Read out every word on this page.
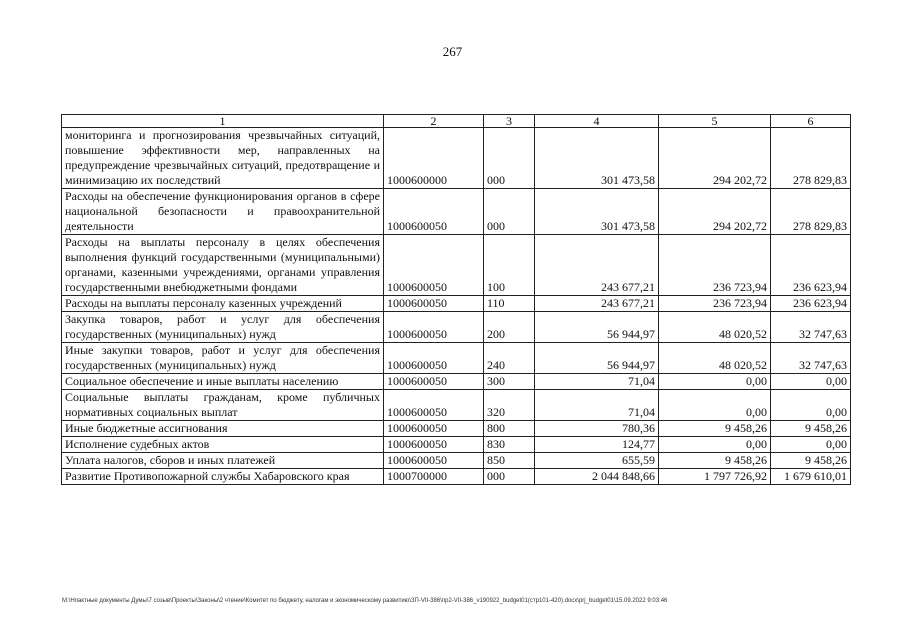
267
1	2	3	4	5	6
мониторинга и прогнозирования чрезвычайных ситуаций, повышение эффективности мер, направленных на предупреждение чрезвычайных ситуаций, предотвращение и минимизацию их последствий	1000600000	000	301 473,58	294 202,72	278 829,83
Расходы на обеспечение функционирования органов в сфере национальной безопасности и правоохранительной деятельности	1000600050	000	301 473,58	294 202,72	278 829,83
Расходы на выплаты персоналу в целях обеспечения выполнения функций государственными (муниципальными) органами, казенными учреждениями, органами управления государственными внебюджетными фондами	1000600050	100	243 677,21	236 723,94	236 623,94
Расходы на выплаты персоналу казенных учреждений	1000600050	110	243 677,21	236 723,94	236 623,94
Закупка товаров, работ и услуг для обеспечения государственных (муниципальных) нужд	1000600050	200	56 944,97	48 020,52	32 747,63
Иные закупки товаров, работ и услуг для обеспечения государственных (муниципальных) нужд	1000600050	240	56 944,97	48 020,52	32 747,63
Социальное обеспечение и иные выплаты населению	1000600050	300	71,04	0,00	0,00
Социальные выплаты гражданам, кроме публичных нормативных социальных выплат	1000600050	320	71,04	0,00	0,00
Иные бюджетные ассигнования	1000600050	800	780,36	9 458,26	9 458,26
Исполнение судебных актов	1000600050	830	124,77	0,00	0,00
Уплата налогов, сборов и иных платежей	1000600050	850	655,59	9 458,26	9 458,26
Развитие Противопожарной службы Хабаровского края	1000700000	000	2 044 848,66	1 797 726,92	1 679 610,01
M:\Нпактные документы Думы\7 созыв\Проекты\Законы\2 чтение\Комитет по бюджету, налогам и экономическому развитию\ЗП-VII-386\пр2-VII-386_v190922_budget01(стр101-420).docx\prj_budget01\15.09.2022 9:03:46
